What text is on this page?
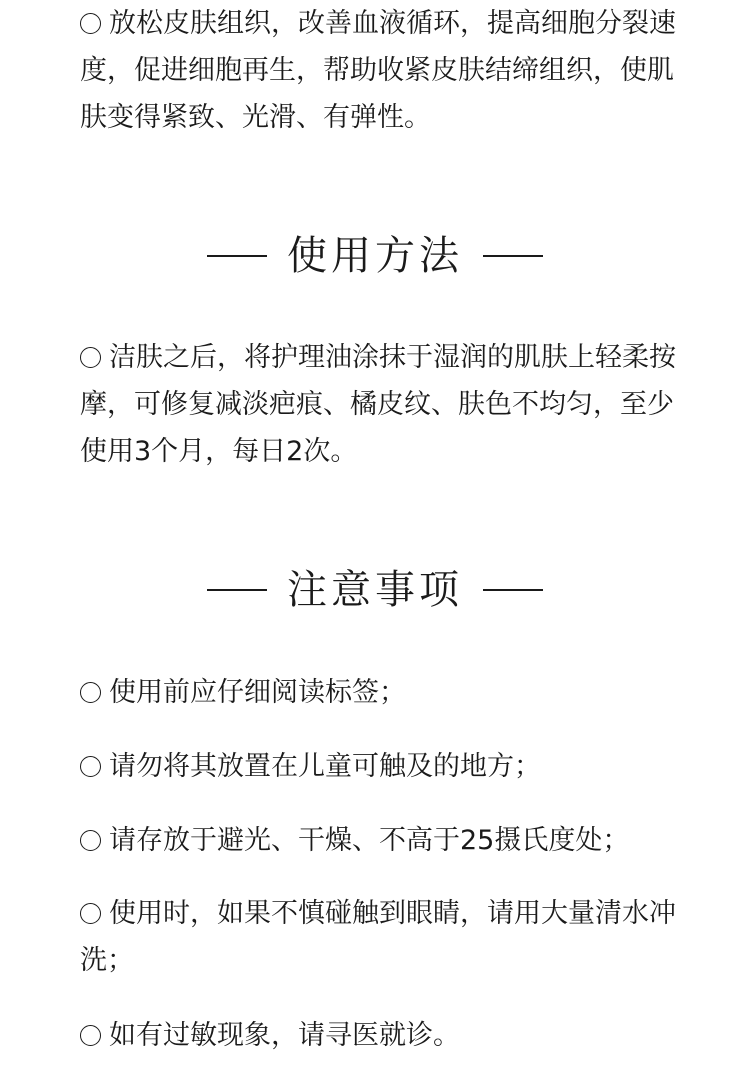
放松皮肤组织，改善血液循环，提高细胞分裂速度，促进细胞再生，帮助收紧皮肤结缔组织，使肌肤变得紧致、光滑、有弹性。

使用方法

洁肤之后，将护理油涂抹于湿润的肌肤上轻柔按摩，可修复减淡疤痕、橘皮纹、肤色不均匀，至少使用3个月，每日2次。

注意事项

使用前应仔细阅读标签；

请勿将其放置在儿童可触及的地方；

请存放于避光、干燥、不高于25摄氏度处；

使用时，如果不慎碰触到眼睛，请用大量清水冲洗；

如有过敏现象，请寻医就诊。
